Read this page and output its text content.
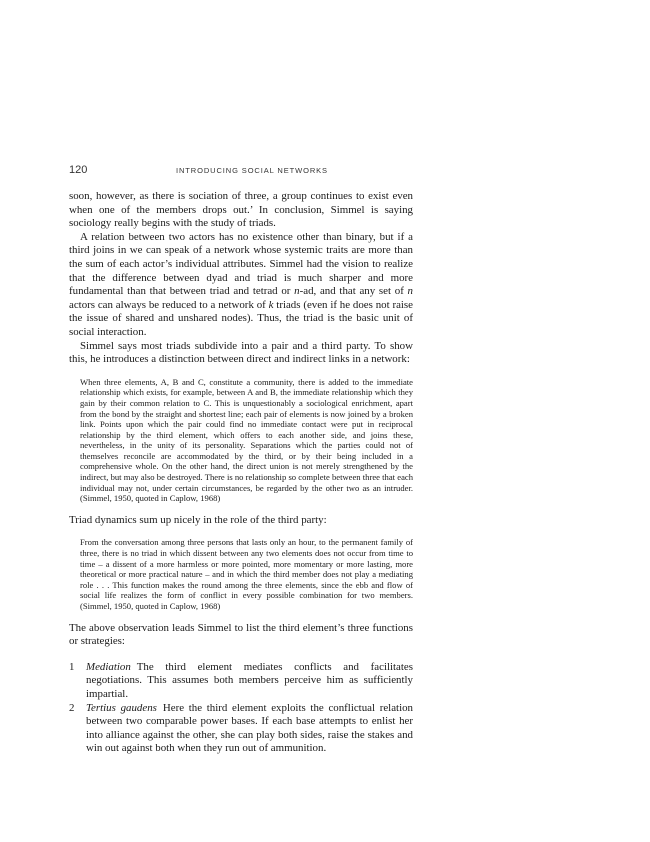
120	INTRODUCING SOCIAL NETWORKS

soon, however, as there is sociation of three, a group continues to exist even when one of the members drops out.’ In conclusion, Simmel is saying sociology really begins with the study of triads.

A relation between two actors has no existence other than binary, but if a third joins in we can speak of a network whose systemic traits are more than the sum of each actor’s individual attributes. Simmel had the vision to realize that the difference between dyad and triad is much sharper and more fundamental than that between triad and tetrad or n-ad, and that any set of n actors can always be reduced to a network of k triads (even if he does not raise the issue of shared and unshared nodes). Thus, the triad is the basic unit of social interaction.

Simmel says most triads subdivide into a pair and a third party. To show this, he introduces a distinction between direct and indirect links in a network:

When three elements, A, B and C, constitute a community, there is added to the immediate relationship which exists, for example, between A and B, the immediate relationship which they gain by their common relation to C. This is unquestionably a sociological enrichment, apart from the bond by the straight and shortest line; each pair of elements is now joined by a broken link. Points upon which the pair could find no immediate contact were put in reciprocal relationship by the third element, which offers to each another side, and joins these, nevertheless, in the unity of its personality. Separations which the parties could not of themselves reconcile are accommodated by the third, or by their being included in a comprehensive whole. On the other hand, the direct union is not merely strengthened by the indirect, but may also be destroyed. There is no relationship so complete between three that each individual may not, under certain circumstances, be regarded by the other two as an intruder. (Simmel, 1950, quoted in Caplow, 1968)

Triad dynamics sum up nicely in the role of the third party:

From the conversation among three persons that lasts only an hour, to the permanent family of three, there is no triad in which dissent between any two elements does not occur from time to time – a dissent of a more harmless or more pointed, more momentary or more lasting, more theoretical or more practical nature – and in which the third member does not play a mediating role . . . This function makes the round among the three elements, since the ebb and flow of social life realizes the form of conflict in every possible combination for two members. (Simmel, 1950, quoted in Caplow, 1968)

The above observation leads Simmel to list the third element’s three functions or strategies:

1 Mediation The third element mediates conflicts and facilitates negotiations. This assumes both members perceive him as sufficiently impartial.
2 Tertius gaudens Here the third element exploits the conflictual relation between two comparable power bases. If each base attempts to enlist her into alliance against the other, she can play both sides, raise the stakes and win out against both when they run out of ammunition.
